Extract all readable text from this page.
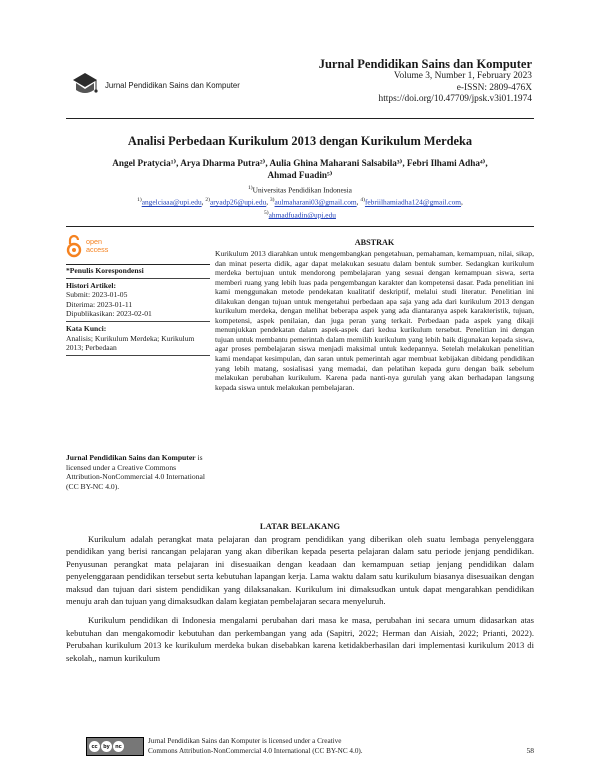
Jurnal Pendidikan Sains dan Komputer
Volume 3, Number 1, February 2023
e-ISSN: 2809-476X
https://doi.org/10.47709/jpsk.v3i01.1974
Jurnal Pendidikan Sains dan Komputer
Analisi Perbedaan Kurikulum 2013 dengan Kurikulum Merdeka
Angel Pratycia¹⁾, Arya Dharma Putra²⁾, Aulia Ghina Maharani Salsabila³⁾, Febri Ilhami Adha⁴⁾,
Ahmad Fuadin⁵⁾
$^{1)}$Universitas Pendidikan Indonesia
$^{1)}$angelciaaa@upi.edu, $^{2)}$aryadp26@upi.edu, $^{3)}$aulmaharani03@gmail.com, $^{4)}$febriilhamiadha124@gmail.com,
$^{5)}$ahmadfuadin@upi.edu
open
access
*Penulis Korespondensi
Histori Artikel:
Submit: 2023-01-05
Diterima: 2023-01-11
Dipublikasikan: 2023-02-01
Kata Kunci:
Analisis; Kurikulum Merdeka; Kurikulum 2013; Perbedaan
Jurnal Pendidikan Sains dan Komputer is licensed under a Creative Commons Attribution-NonCommercial 4.0 International (CC BY-NC 4.0).
ABSTRAK
Kurikulum 2013 diarahkan untuk mengembangkan pengetahuan, pemahaman, kemampuan, nilai, sikap, dan minat peserta didik, agar dapat melakukan sesuatu dalam bentuk sumber. Sedangkan kurikulum merdeka bertujuan untuk mendorong pembelajaran yang sesuai dengan kemampuan siswa, serta memberi ruang yang lebih luas pada pengembangan karakter dan kompetensi dasar. Pada penelitian ini kami menggunakan metode pendekatan kualitatif deskriptif, melalui studi literatur. Penelitian ini dilakukan dengan tujuan untuk mengetahui perbedaan apa saja yang ada dari kurikulum 2013 dengan kurikulum merdeka, dengan melihat beberapa aspek yang ada diantaranya aspek karakteristik, tujuan, kompetensi, aspek penilaian, dan juga peran yang terkait. Perbedaan pada aspek yang dikaji menunjukkan pendekatan dalam aspek-aspek dari kedua kurikulum tersebut. Penelitian ini dengan tujuan untuk membantu pemerintah dalam memilih kurikulum yang lebih baik digunakan kepada siswa, agar proses pembelajaran siswa menjadi maksimal untuk kedepannya. Setelah melakukan penelitian kami mendapat kesimpulan, dan saran untuk pemerintah agar membuat kebijakan dibidang pendidikan yang lebih matang, sosialisasi yang memadai, dan pelatihan kepada guru dengan baik sebelum melakukan perubahan kurikulum. Karena pada nanti-nya gurulah yang akan berhadapan langsung kepada siswa untuk melakukan pembelajaran.
LATAR BELAKANG

Kurikulum adalah perangkat mata pelajaran dan program pendidikan yang diberikan oleh suatu lembaga penyelenggara pendidikan yang berisi rancangan pelajaran yang akan diberikan kepada peserta pelajaran dalam satu periode jenjang pendidikan. Penyusunan perangkat mata pelajaran ini disesuaikan dengan keadaan dan kemampuan setiap jenjang pendidikan dalam penyelenggaraan pendidikan tersebut serta kebutuhan lapangan kerja. Lama waktu dalam satu kurikulum biasanya disesuaikan dengan maksud dan tujuan dari sistem pendidikan yang dilaksanakan. Kurikulum ini dimaksudkan untuk dapat mengarahkan pendidikan menuju arah dan tujuan yang dimaksudkan dalam kegiatan pembelajaran secara menyeluruh.

Kurikulum pendidikan di Indonesia mengalami perubahan dari masa ke masa, perubahan ini secara umum didasarkan atas kebutuhan dan mengakomodir kebutuhan dan perkembangan yang ada (Sapitri, 2022; Herman dan Aisiah, 2022; Prianti, 2022). Perubahan kurikulum 2013 ke kurikulum merdeka bukan disebabkan karena ketidakberhasilan dari implementasi kurikulum 2013 di sekolah,, namun kurikulum

cc	by	nc
Jurnal Pendidikan Sains dan Komputer is licensed under a Creative
Commons Attribution-NonCommercial 4.0 International (CC BY-NC 4.0).	58
